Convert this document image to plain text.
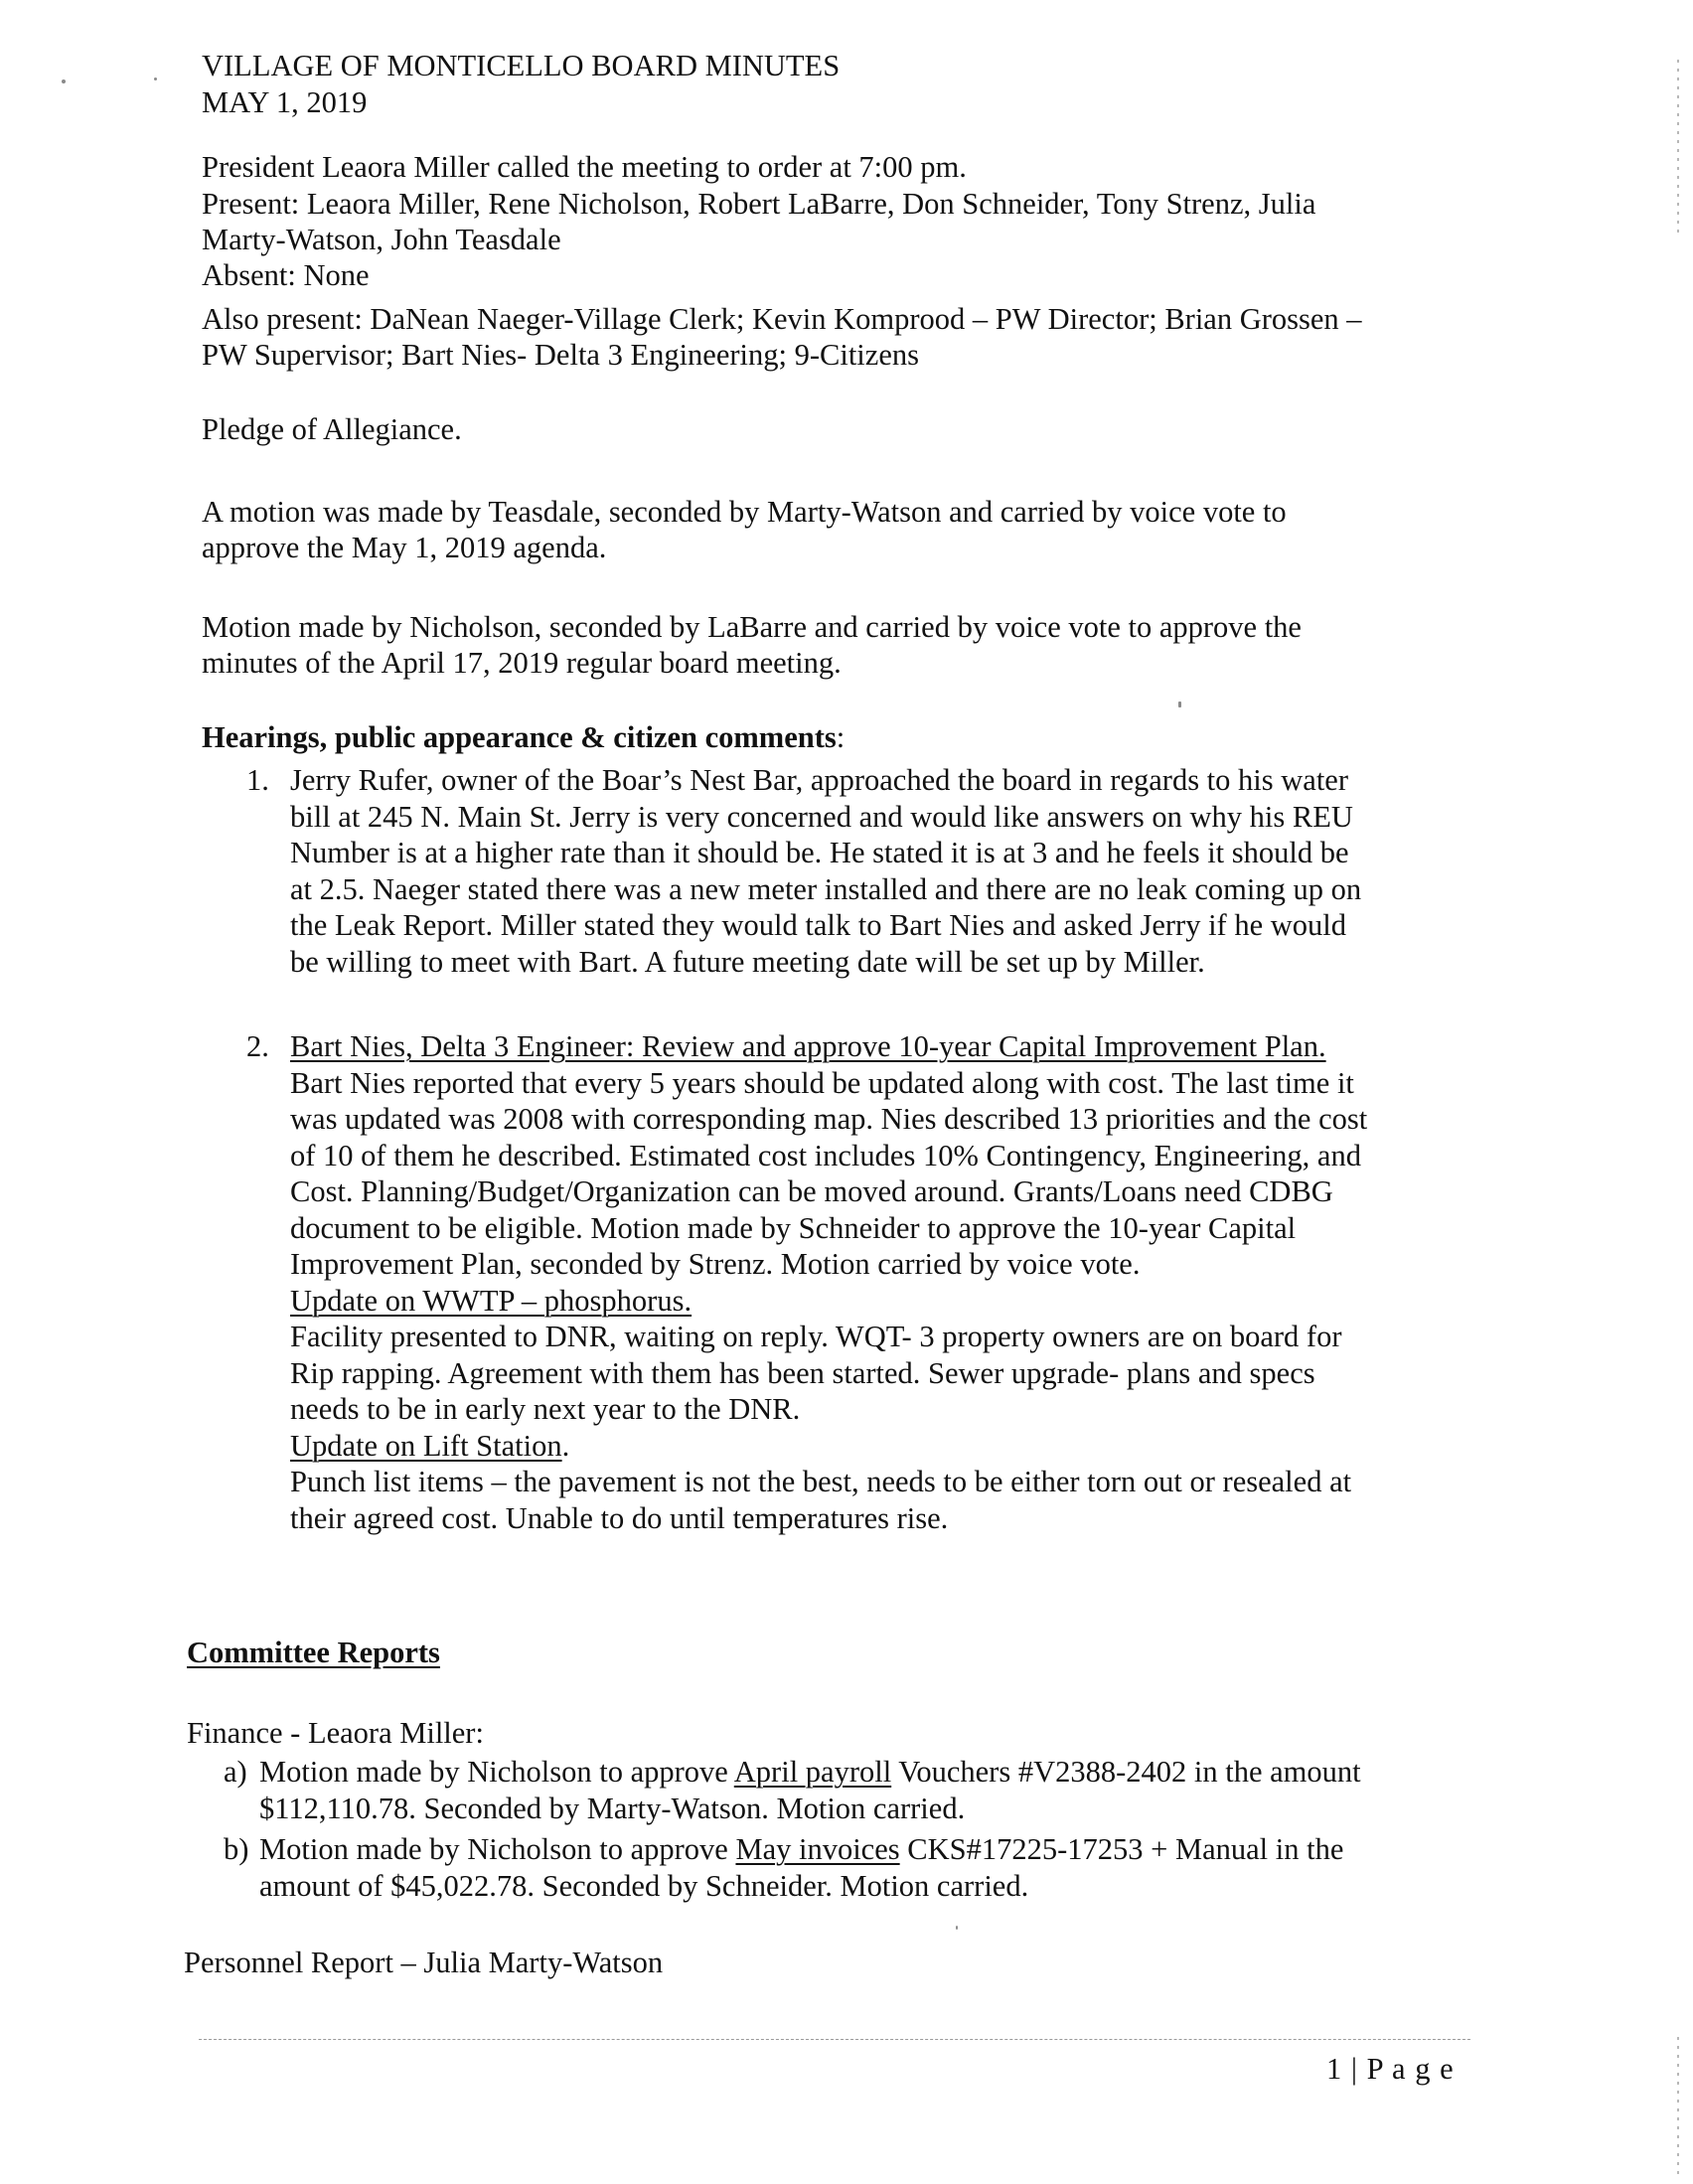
VILLAGE OF MONTICELLO BOARD MINUTES

MAY 1, 2019

President Leaora Miller called the meeting to order at 7:00 pm.

Present: Leaora Miller, Rene Nicholson, Robert LaBarre, Don Schneider, Tony Strenz, Julia

Marty-Watson, John Teasdale

Absent: None

Also present: DaNean Naeger-Village Clerk; Kevin Komprood – PW Director; Brian Grossen –

PW Supervisor; Bart Nies- Delta 3 Engineering; 9-Citizens

Pledge of Allegiance.

A motion was made by Teasdale, seconded by Marty-Watson and carried by voice vote to

approve the May 1, 2019 agenda.

Motion made by Nicholson, seconded by LaBarre and carried by voice vote to approve the

minutes of the April 17, 2019 regular board meeting.

Hearings, public appearance & citizen comments:

1. Jerry Rufer, owner of the Boar’s Nest Bar, approached the board in regards to his water

bill at 245 N. Main St. Jerry is very concerned and would like answers on why his REU

Number is at a higher rate than it should be. He stated it is at 3 and he feels it should be

at 2.5. Naeger stated there was a new meter installed and there are no leak coming up on

the Leak Report. Miller stated they would talk to Bart Nies and asked Jerry if he would

be willing to meet with Bart. A future meeting date will be set up by Miller.

2. Bart Nies, Delta 3 Engineer: Review and approve 10-year Capital Improvement Plan.

Bart Nies reported that every 5 years should be updated along with cost. The last time it

was updated was 2008 with corresponding map. Nies described 13 priorities and the cost

of 10 of them he described. Estimated cost includes 10% Contingency, Engineering, and

Cost. Planning/Budget/Organization can be moved around. Grants/Loans need CDBG

document to be eligible. Motion made by Schneider to approve the 10-year Capital

Improvement Plan, seconded by Strenz. Motion carried by voice vote.

Update on WWTP – phosphorus.

Facility presented to DNR, waiting on reply. WQT- 3 property owners are on board for

Rip rapping. Agreement with them has been started. Sewer upgrade- plans and specs

needs to be in early next year to the DNR.

Update on Lift Station.

Punch list items – the pavement is not the best, needs to be either torn out or resealed at

their agreed cost. Unable to do until temperatures rise.

Committee Reports

Finance - Leaora Miller:

a) Motion made by Nicholson to approve April payroll Vouchers #V2388-2402 in the amount

$112,110.78. Seconded by Marty-Watson. Motion carried.

b) Motion made by Nicholson to approve May invoices CKS#17225-17253 + Manual in the

amount of $45,022.78. Seconded by Schneider. Motion carried.

Personnel Report – Julia Marty-Watson

1 | P a g e
